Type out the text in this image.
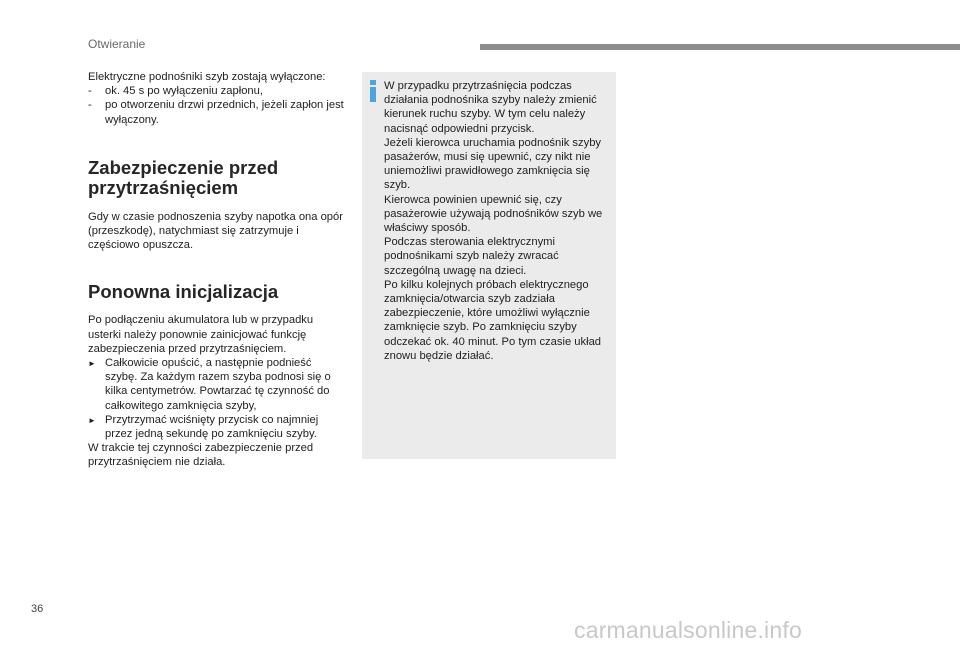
Otwieranie

Elektryczne podnośniki szyb zostają wyłączone:

-	ok. 45 s po wyłączeniu zapłonu,
-	po otworzeniu drzwi przednich, jeżeli zapłon jest wyłączony.
Zabezpieczenie przed przytrzaśnięciem

Gdy w czasie podnoszenia szyby napotka ona opór (przeszkodę), natychmiast się zatrzymuje i częściowo opuszcza.

Ponowna inicjalizacja

Po podłączeniu akumulatora lub w przypadku usterki należy ponownie zainicjować funkcję zabezpieczenia przed przytrzaśnięciem.

► Całkowicie opuścić, a następnie podnieść szybę. Za każdym razem szyba podnosi się o kilka centymetrów. Powtarzać tę czynność do całkowitego zamknięcia szyby,
► Przytrzymać wciśnięty przycisk co najmniej przez jedną sekundę po zamknięciu szyby.

W trakcie tej czynności zabezpieczenie przed przytrzaśnięciem nie działa.

W przypadku przytrzaśnięcia podczas działania podnośnika szyby należy zmienić kierunek ruchu szyby. W tym celu należy nacisnąć odpowiedni przycisk.

Jeżeli kierowca uruchamia podnośnik szyby pasażerów, musi się upewnić, czy nikt nie uniemożliwi prawidłowego zamknięcia się szyb.

Kierowca powinien upewnić się, czy pasażerowie używają podnośników szyb we właściwy sposób.

Podczas sterowania elektrycznymi podnośnikami szyb należy zwracać szczególną uwagę na dzieci.

Po kilku kolejnych próbach elektrycznego zamknięcia/otwarcia szyb zadziała zabezpieczenie, które umożliwi wyłącznie zamknięcie szyb. Po zamknięciu szyby odczekać ok. 40 minut. Po tym czasie układ znowu będzie działać.

36
carmanualsonline.info
